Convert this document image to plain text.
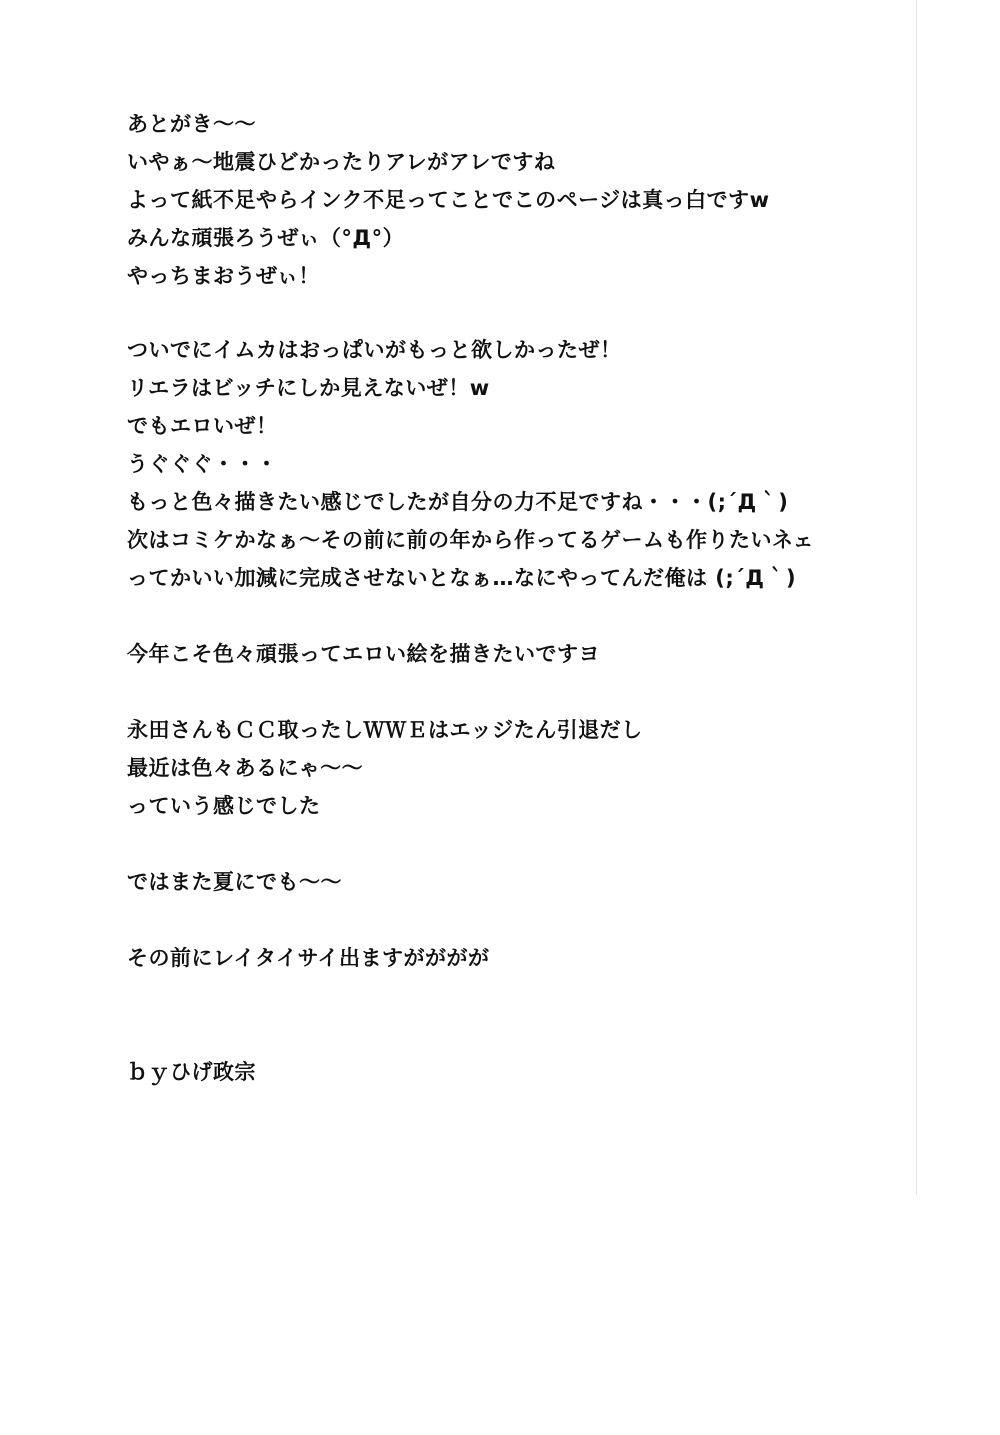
あとがき～～

いやぁ～地震ひどかったりアレがアレですね

よって紙不足やらインク不足ってことでこのページは真っ白ですw

みんな頑張ろうぜぃ（°Д°）

やっちまおうぜぃ！

ついでにイムカはおっぱいがもっと欲しかったぜ！

リエラはビッチにしか見えないぜ！w

でもエロいぜ！

うぐぐぐ・・・

もっと色々描きたい感じでしたが自分の力不足ですね・・・(;´Д｀)

次はコミケかなぁ～その前に前の年から作ってるゲームも作りたいネェ

ってかいい加減に完成させないとなぁ…なにやってんだ俺は (;´Д｀)

今年こそ色々頑張ってエロい絵を描きたいですヨ

永田さんもＣＣ取ったしＷＷＥはエッジたん引退だし

最近は色々あるにゃ～～

っていう感じでした

ではまた夏にでも～～

その前にレイタイサイ出ますがががが

ｂｙひげ政宗
